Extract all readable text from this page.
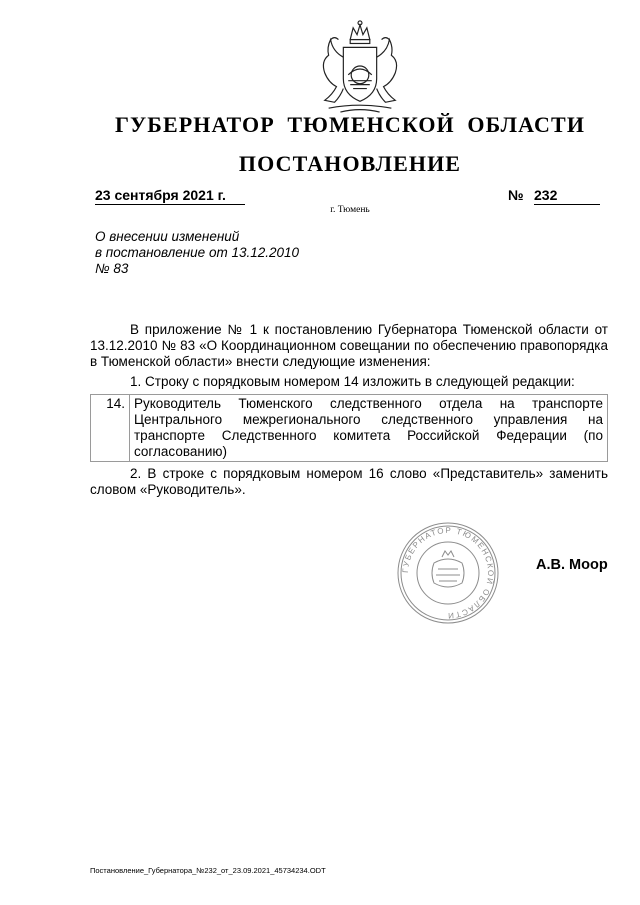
ГУБЕРНАТОР ТЮМЕНСКОЙ ОБЛАСТИ
ПОСТАНОВЛЕНИЕ
23 сентября 2021 г.	№ 232
г. Тюмень
О внесении изменений
в постановление от 13.12.2010
№ 83

В приложение № 1 к постановлению Губернатора Тюменской области от 13.12.2010 № 83 «О Координационном совещании по обеспечению правопорядка в Тюменской области» внести следующие изменения:

1. Строку с порядковым номером 14 изложить в следующей редакции:

14.	Руководитель Тюменского следственного отдела на транспорте Центрального межрегионального следственного управления на транспорте Следственного комитета Российской Федерации (по согласованию)

2. В строке с порядковым номером 16 слово «Представитель» заменить словом «Руководитель».

ГУБЕРНАТОР ТЮМЕНСКОЙ ОБЛАСТИ
А.В. Моор
Постановление_Губернатора_№232_от_23.09.2021_45734234.ODT
